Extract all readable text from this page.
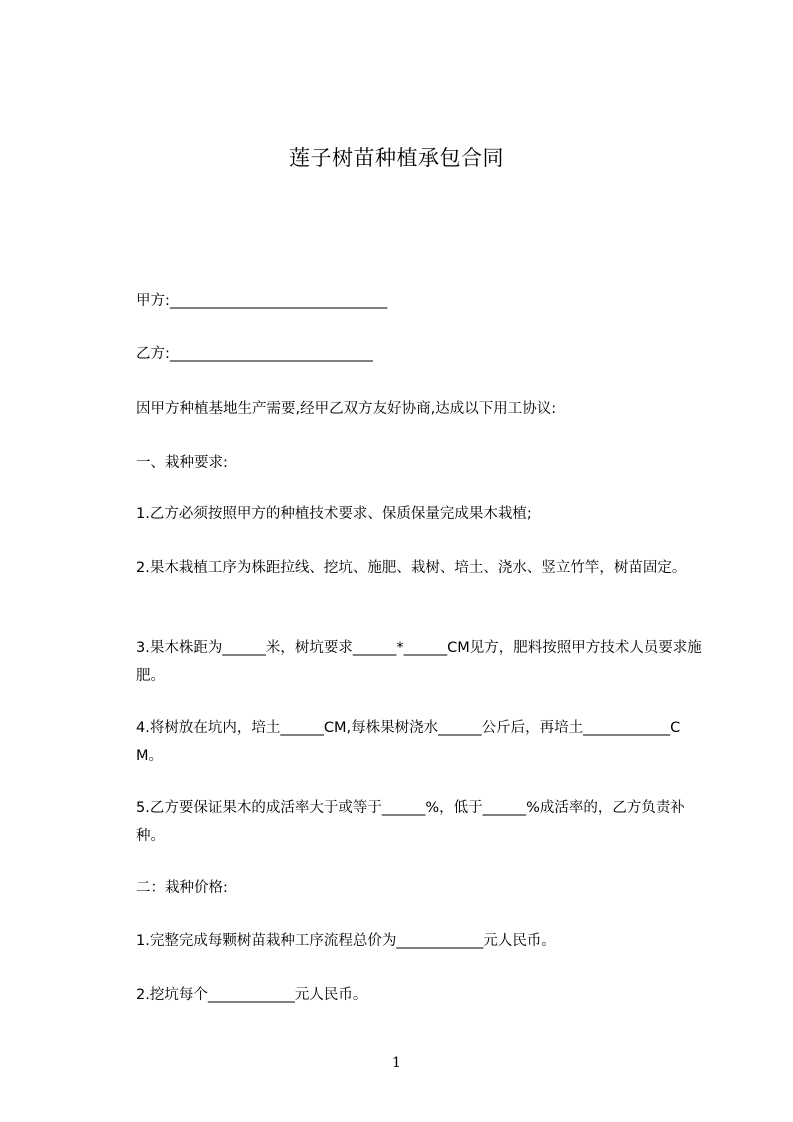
莲子树苗种植承包合同
甲方:______________________________
乙方:____________________________
因甲方种植基地生产需要,经甲乙双方友好协商,达成以下用工协议:
一、栽种要求:
1.乙方必须按照甲方的种植技术要求、保质保量完成果木栽植;
2.果木栽植工序为株距拉线、挖坑、施肥、栽树、培土、浇水、竖立竹竿，树苗固定。
3.果木株距为______米，树坑要求______*______CM见方，肥料按照甲方技术人员要求施肥。
4.将树放在坑内，培土______CM,每株果树浇水______公斤后，再培土____________CM。
5.乙方要保证果木的成活率大于或等于______%，低于______%成活率的，乙方负责补种。
二：栽种价格:
1.完整完成每颗树苗栽种工序流程总价为____________元人民币。
2.挖坑每个____________元人民币。
1
